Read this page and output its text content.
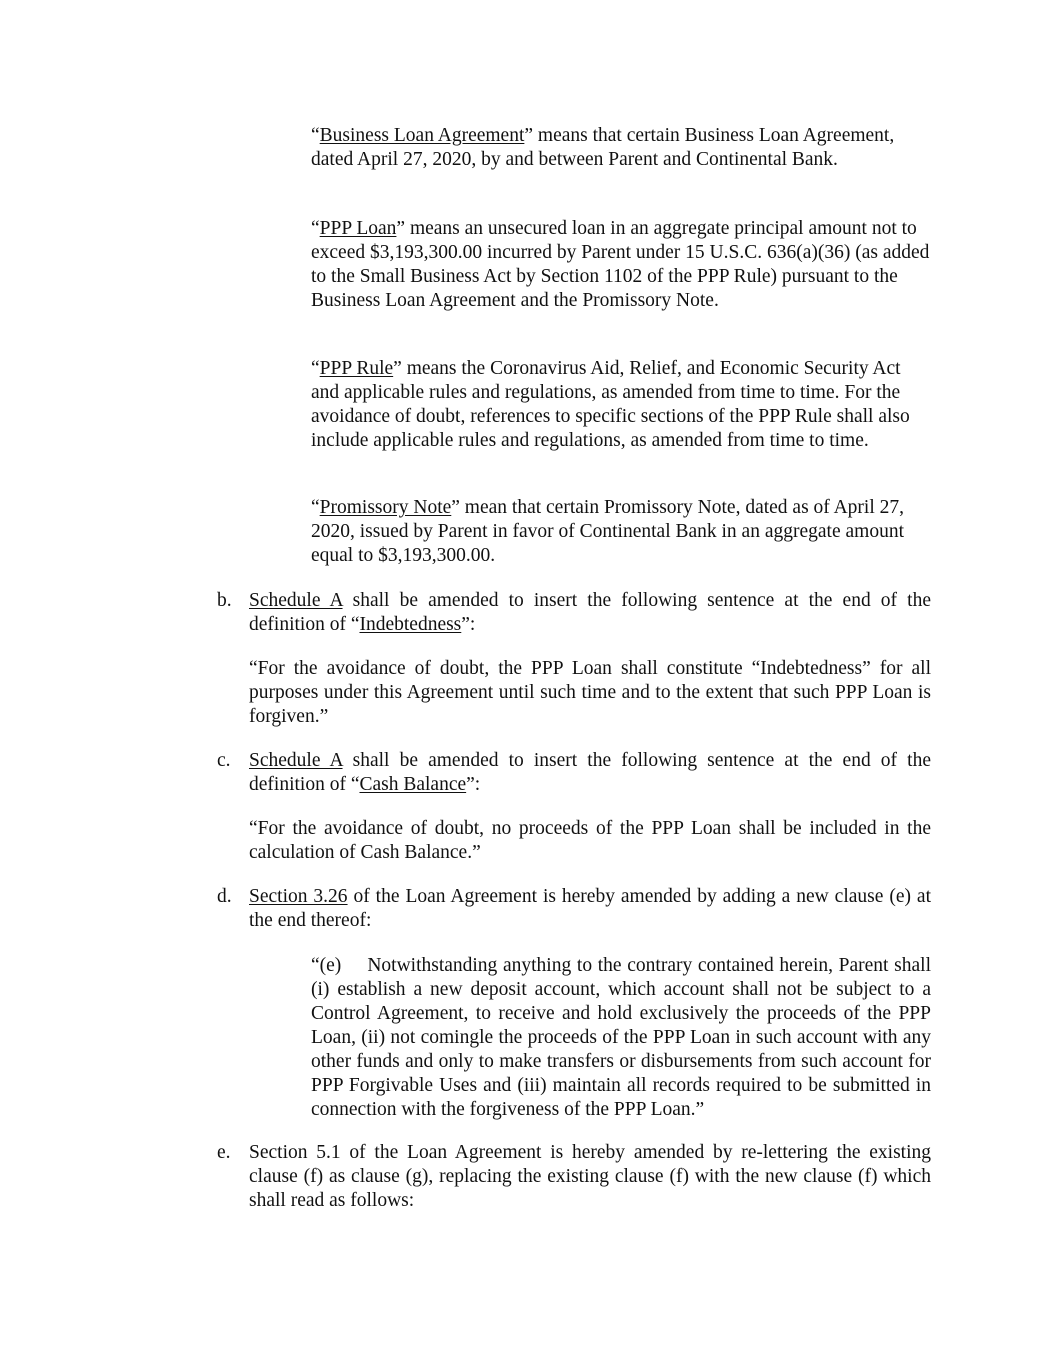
“Business Loan Agreement” means that certain Business Loan Agreement, dated April 27, 2020, by and between Parent and Continental Bank.

“PPP Loan” means an unsecured loan in an aggregate principal amount not to exceed $3,193,300.00 incurred by Parent under 15 U.S.C. 636(a)(36) (as added to the Small Business Act by Section 1102 of the PPP Rule) pursuant to the Business Loan Agreement and the Promissory Note.

“PPP Rule” means the Coronavirus Aid, Relief, and Economic Security Act and applicable rules and regulations, as amended from time to time. For the avoidance of doubt, references to specific sections of the PPP Rule shall also include applicable rules and regulations, as amended from time to time.

“Promissory Note” mean that certain Promissory Note, dated as of April 27, 2020, issued by Parent in favor of Continental Bank in an aggregate amount equal to $3,193,300.00.

b. Schedule A shall be amended to insert the following sentence at the end of the definition of “Indebtedness”:

“For the avoidance of doubt, the PPP Loan shall constitute “Indebtedness” for all purposes under this Agreement until such time and to the extent that such PPP Loan is forgiven.”

c. Schedule A shall be amended to insert the following sentence at the end of the definition of “Cash Balance”:

“For the avoidance of doubt, no proceeds of the PPP Loan shall be included in the calculation of Cash Balance.”

d. Section 3.26 of the Loan Agreement is hereby amended by adding a new clause (e) at the end thereof:

“(e) Notwithstanding anything to the contrary contained herein, Parent shall (i) establish a new deposit account, which account shall not be subject to a Control Agreement, to receive and hold exclusively the proceeds of the PPP Loan, (ii) not comingle the proceeds of the PPP Loan in such account with any other funds and only to make transfers or disbursements from such account for PPP Forgivable Uses and (iii) maintain all records required to be submitted in connection with the forgiveness of the PPP Loan.”

e. Section 5.1 of the Loan Agreement is hereby amended by re-lettering the existing clause (f) as clause (g), replacing the existing clause (f) with the new clause (f) which shall read as follows:
